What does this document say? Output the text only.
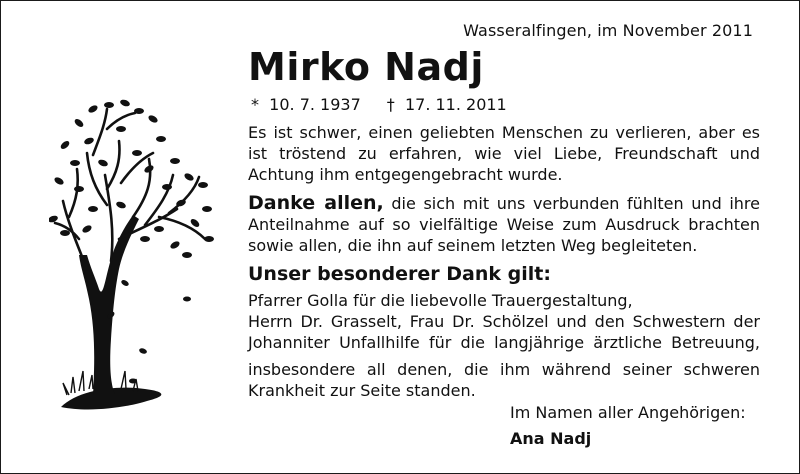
Wasseralfingen, im November 2011
Mirko Nadj
*  10. 7. 1937 †  17. 11. 2011
Es ist schwer, einen geliebten Menschen zu verlieren, aber es ist tröstend zu erfahren, wie viel Liebe, Freundschaft und Achtung ihm entgegengebracht wurde.
Danke allen, die sich mit uns verbunden fühlten und ihre Anteilnahme auf so vielfältige Weise zum Ausdruck brachten sowie allen, die ihn auf seinem letzten Weg begleiteten.
Unser besonderer Dank gilt:
Pfarrer Golla für die liebevolle Trauergestaltung,
Herrn Dr. Grasselt, Frau Dr. Schölzel und den Schwestern der
Johanniter Unfallhilfe für die langjährige ärztliche Betreuung,
insbesondere all denen, die ihm während seiner schweren Krankheit zur Seite standen.
Im Namen aller Angehörigen:
Ana Nadj
